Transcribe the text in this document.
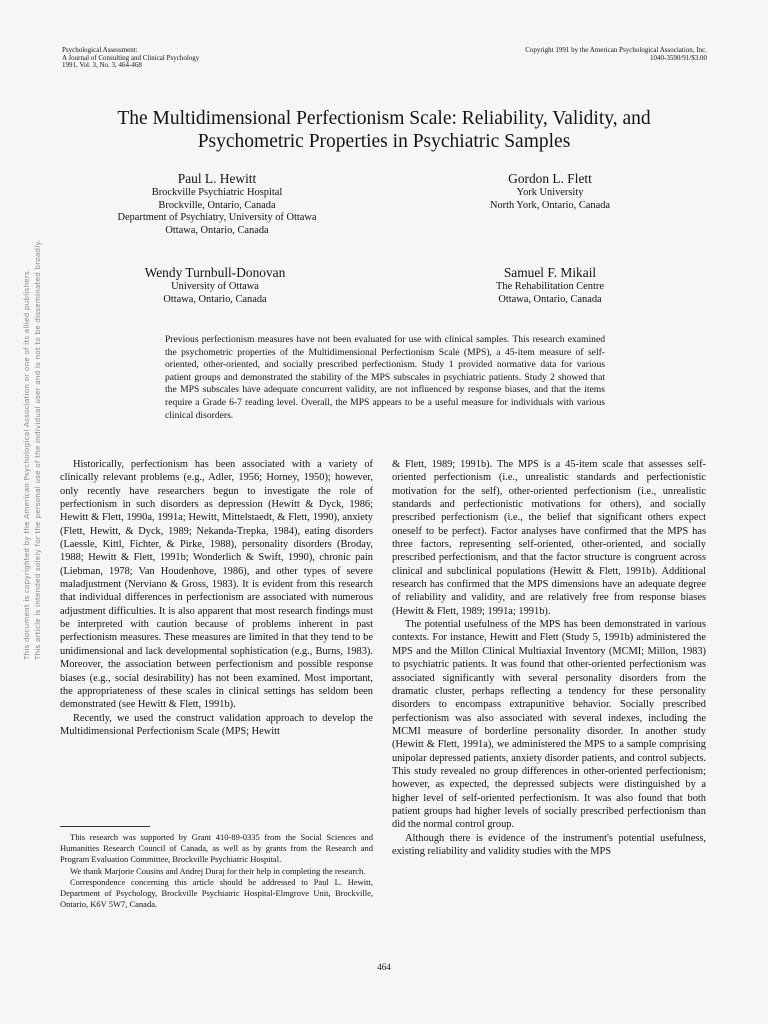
Psychological Assessment:
A Journal of Consulting and Clinical Psychology
1991, Vol. 3, No. 3, 464-468
Copyright 1991 by the American Psychological Association, Inc.
1040-3590/91/$3.00
The Multidimensional Perfectionism Scale: Reliability, Validity, and
Psychometric Properties in Psychiatric Samples
Paul L. Hewitt
Brockville Psychiatric Hospital
Brockville, Ontario, Canada
Department of Psychiatry, University of Ottawa
Ottawa, Ontario, Canada
Gordon L. Flett
York University
North York, Ontario, Canada
Wendy Turnbull-Donovan
University of Ottawa
Ottawa, Ontario, Canada
Samuel F. Mikail
The Rehabilitation Centre
Ottawa, Ontario, Canada
Previous perfectionism measures have not been evaluated for use with clinical samples. This research examined the psychometric properties of the Multidimensional Perfectionism Scale (MPS), a 45-item measure of self-oriented, other-oriented, and socially prescribed perfectionism. Study 1 provided normative data for various patient groups and demonstrated the stability of the MPS subscales in psychiatric patients. Study 2 showed that the MPS subscales have adequate concurrent validity, are not influenced by response biases, and that the items require a Grade 6-7 reading level. Overall, the MPS appears to be a useful measure for individuals with various clinical disorders.

Historically, perfectionism has been associated with a variety of clinically relevant problems (e.g., Adler, 1956; Horney, 1950); however, only recently have researchers begun to investigate the role of perfectionism in such disorders as depression (Hewitt & Dyck, 1986; Hewitt & Flett, 1990a, 1991a; Hewitt, Mittelstaedt, & Flett, 1990), anxiety (Flett, Hewitt, & Dyck, 1989; Nekanda-Trepka, 1984), eating disorders (Laessle, Kittl, Fichter, & Pirke, 1988), personality disorders (Broday, 1988; Hewitt & Flett, 1991b; Wonderlich & Swift, 1990), chronic pain (Liebman, 1978; Van Houdenhove, 1986), and other types of severe maladjustment (Nerviano & Gross, 1983). It is evident from this research that individual differences in perfectionism are associated with numerous adjustment difficulties. It is also apparent that most research findings must be interpreted with caution because of problems inherent in past perfectionism measures. These measures are limited in that they tend to be unidimensional and lack developmental sophistication (e.g., Burns, 1983). Moreover, the association between perfectionism and possible response biases (e.g., social desirability) has not been examined. Most important, the appropriateness of these scales in clinical settings has seldom been demonstrated (see Hewitt & Flett, 1991b).

Recently, we used the construct validation approach to develop the Multidimensional Perfectionism Scale (MPS; Hewitt

This research was supported by Grant 410-89-0335 from the Social Sciences and Humanities Research Council of Canada, as well as by grants from the Research and Program Evaluation Committee, Brockville Psychiatric Hospital.

We thank Marjorie Cousins and Andrej Duraj for their help in completing the research.

Correspondence concerning this article should be addressed to Paul L. Hewitt, Department of Psychology, Brockville Psychiatric Hospital-Elmgrove Unit, Brockville, Ontario, K6V 5W7, Canada.

& Flett, 1989; 1991b). The MPS is a 45-item scale that assesses self-oriented perfectionism (i.e., unrealistic standards and perfectionistic motivation for the self), other-oriented perfectionism (i.e., unrealistic standards and perfectionistic motivations for others), and socially prescribed perfectionism (i.e., the belief that significant others expect oneself to be perfect). Factor analyses have confirmed that the MPS has three factors, representing self-oriented, other-oriented, and socially prescribed perfectionism, and that the factor structure is congruent across clinical and subclinical populations (Hewitt & Flett, 1991b). Additional research has confirmed that the MPS dimensions have an adequate degree of reliability and validity, and are relatively free from response biases (Hewitt & Flett, 1989; 1991a; 1991b).

The potential usefulness of the MPS has been demonstrated in various contexts. For instance, Hewitt and Flett (Study 5, 1991b) administered the MPS and the Millon Clinical Multiaxial Inventory (MCMI; Millon, 1983) to psychiatric patients. It was found that other-oriented perfectionism was associated significantly with several personality disorders from the dramatic cluster, perhaps reflecting a tendency for these personality disorders to encompass extrapunitive behavior. Socially prescribed perfectionism was also associated with several indexes, including the MCMI measure of borderline personality disorder. In another study (Hewitt & Flett, 1991a), we administered the MPS to a sample comprising unipolar depressed patients, anxiety disorder patients, and control subjects. This study revealed no group differences in other-oriented perfectionism; however, as expected, the depressed subjects were distinguished by a higher level of self-oriented perfectionism. It was also found that both patient groups had higher levels of socially prescribed perfectionism than did the normal control group.

Although there is evidence of the instrument's potential usefulness, existing reliability and validity studies with the MPS

464
This document is copyrighted by the American Psychological Association or one of its allied publishers. This article is intended solely for the personal use of the individual user and is not to be disseminated broadly.
